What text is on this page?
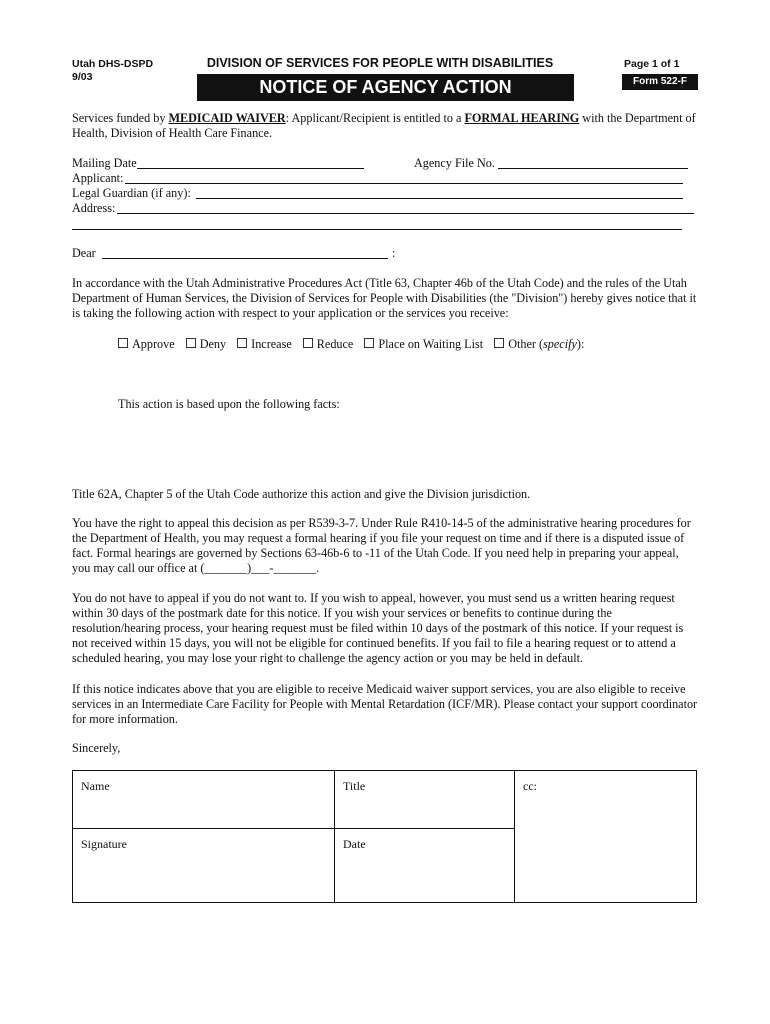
Utah DHS-DSPD
9/03
DIVISION OF SERVICES FOR PEOPLE WITH DISABILITIES
NOTICE OF AGENCY ACTION
Page 1 of 1
Form 522-F

Services funded by MEDICAID WAIVER: Applicant/Recipient is entitled to a FORMAL HEARING with the Department of Health, Division of Health Care Finance.

Mailing Date	Agency File No.
Applicant:
Legal Guardian (if any):
Address:
Dear	:

In accordance with the Utah Administrative Procedures Act (Title 63, Chapter 46b of the Utah Code) and the rules of the Utah Department of Human Services, the Division of Services for People with Disabilities (the "Division") hereby gives notice that it is taking the following action with respect to your application or the services you receive:

Approve Deny Increase Reduce Place on Waiting List Other (specify):
This action is based upon the following facts:

Title 62A, Chapter 5 of the Utah Code authorize this action and give the Division jurisdiction.

You have the right to appeal this decision as per R539-3-7. Under Rule R410-14-5 of the administrative hearing procedures for the Department of Health, you may request a formal hearing if you file your request on time and if there is a disputed issue of fact. Formal hearings are governed by Sections 63-46b-6 to -11 of the Utah Code. If you need help in preparing your appeal, you may call our office at (_______)___-_______.

You do not have to appeal if you do not want to. If you wish to appeal, however, you must send us a written hearing request within 30 days of the postmark date for this notice. If you wish your services or benefits to continue during the resolution/hearing process, your hearing request must be filed within 10 days of the postmark of this notice. If your request is not received within 15 days, you will not be eligible for continued benefits. If you fail to file a hearing request or to attend a scheduled hearing, you may lose your right to challenge the agency action or you may be held in default.

If this notice indicates above that you are eligible to receive Medicaid waiver support services, you are also eligible to receive services in an Intermediate Care Facility for People with Mental Retardation (ICF/MR). Please contact your support coordinator for more information.

Sincerely,
Name	Title	cc:
Signature	Date	
